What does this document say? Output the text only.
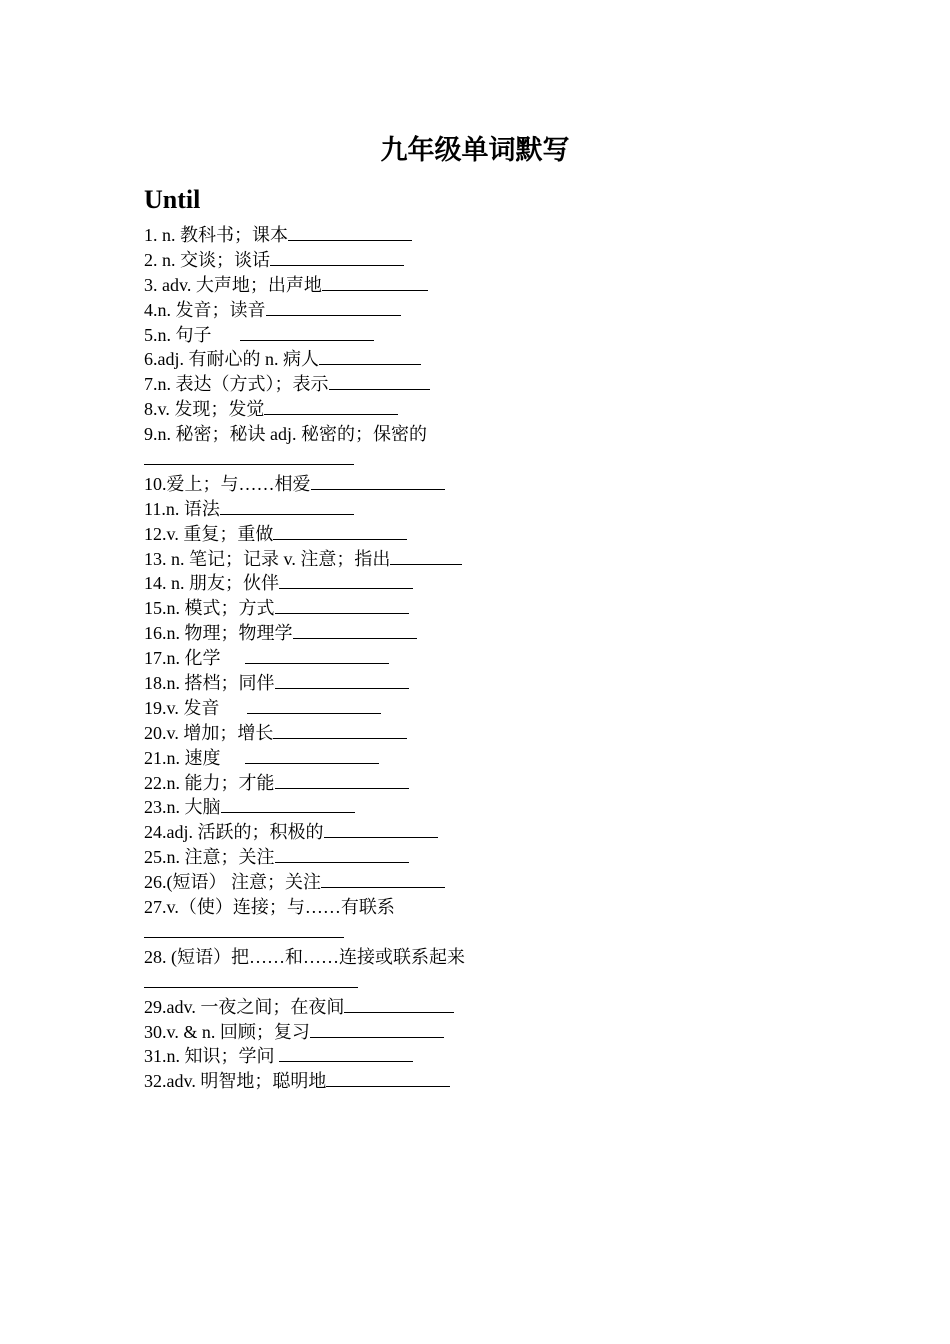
九年级单词默写
Until
1. n. 教科书；课本
2. n. 交谈；谈话
3. adv. 大声地；出声地
4.n. 发音；读音
5.n. 句子
6.adj. 有耐心的 n. 病人
7.n. 表达（方式）；表示
8.v. 发现；发觉
9.n. 秘密；秘诀 adj. 秘密的；保密的
10.爱上；与……相爱
11.n. 语法
12.v. 重复；重做
13. n. 笔记；记录 v. 注意；指出
14. n. 朋友；伙伴
15.n. 模式；方式
16.n. 物理；物理学
17.n. 化学
18.n. 搭档；同伴
19.v. 发音
20.v. 增加；增长
21.n. 速度
22.n. 能力；才能
23.n. 大脑
24.adj. 活跃的；积极的
25.n. 注意；关注
26.(短语） 注意；关注
27.v.（使）连接；与……有联系
28. (短语）把……和……连接或联系起来
29.adv. 一夜之间；在夜间
30.v. & n. 回顾；复习
31.n. 知识；学问
32.adv. 明智地；聪明地
